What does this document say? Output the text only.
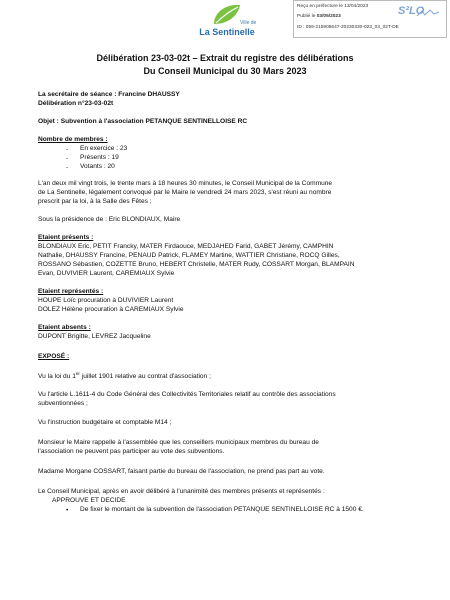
Ville de
La Sentinelle
Reçu en préfecture le 13/04/2023
Publié le 03/05/2023
ID : 059-215905647-20230330-023_03_02T-DE
S²LO
Délibération 23-03-02t – Extrait du registre des délibérations
Du Conseil Municipal du 30 Mars 2023
La secrétaire de séance : Francine DHAUSSY
Délibération n°23-03-02t
Objet : Subvention à l'association PETANQUE SENTINELLOISE RC
Nombre de membres :
- En exercice : 23
- Présents : 19
- Votants : 20
L'an deux mil vingt trois, le trente mars à 18 heures 30 minutes, le Conseil Municipal de la Commune
de La Sentinelle, légalement convoqué par le Maire le vendredi 24 mars 2023, s'est réuni au nombre
prescrit par la loi, à la Salle des Fêtes ;
Sous la présidence de : Eric BLONDIAUX, Maire
Etaient présents :
BLONDIAUX Eric, PETIT Francky, MATER Firdaouce, MEDJAHED Farid, GABET Jérémy, CAMPHIN
Nathalie, DHAUSSY Francine, PENAUD Patrick, FLAMEY Martine, WATTIER Christiane, ROCQ Gilles,
ROSSANO Sébastien, COZETTE Bruno, HEBERT Christelle, MATER Rudy, COSSART Morgan, BLAMPAIN
Evan, DUVIVIER Laurent, CAREMIAUX Sylvie
Etaient représentés :
HOUPE Loïc procuration à DUVIVIER Laurent
DOLEZ Hélène procuration à CAREMIAUX Sylvie
Etaient absents :
DUPONT Brigitte, LEVREZ Jacqueline
EXPOSÉ :
Vu la loi du 1er juillet 1901 relative au contrat d'association ;
Vu l'article L.1611-4 du Code Général des Collectivités Territoriales relatif au contrôle des associations
subventionnées ;
Vu l'instruction budgétaire et comptable M14 ;
Monsieur le Maire rappelle à l'assemblée que les conseillers municipaux membres du bureau de
l'association ne peuvent pas participer au vote des subventions.
Madame Morgane COSSART, faisant partie du bureau de l'association, ne prend pas part au vote.
Le Conseil Municipal, après en avoir délibéré à l'unanimité des membres présents et représentés :
APPROUVE ET DECIDE
• De fixer le montant de la subvention de l'association PETANQUE SENTINELLOISE RC à 1500 €.
